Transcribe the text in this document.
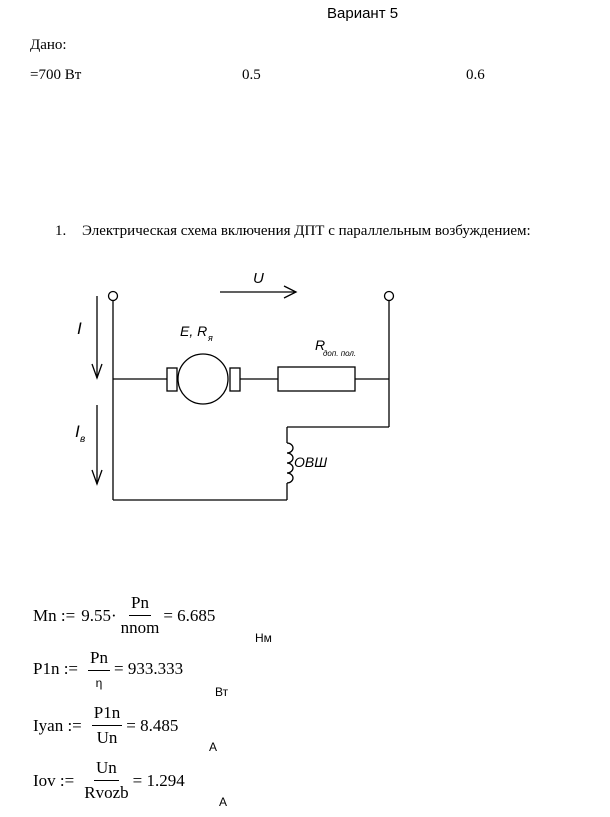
Вариант 5
Дано:
=700 Вт	0.5	0.6
1. Электрическая схема включения ДПТ с параллельным возбуждением:
U
I
I в
E, R я	R
доп. пол.
ОВШ
Mn := $9.55\cdot \frac{Pn}{\text{nnom}} = 6.685$
Нм
P1n := $\frac{Pn}{\eta} = 933.333$
Вт
Iyan := $\frac{P1n}{Un} = 8.485$
А
Iov := $\frac{Un}{\text{Rvozb}} = 1.294$
А
